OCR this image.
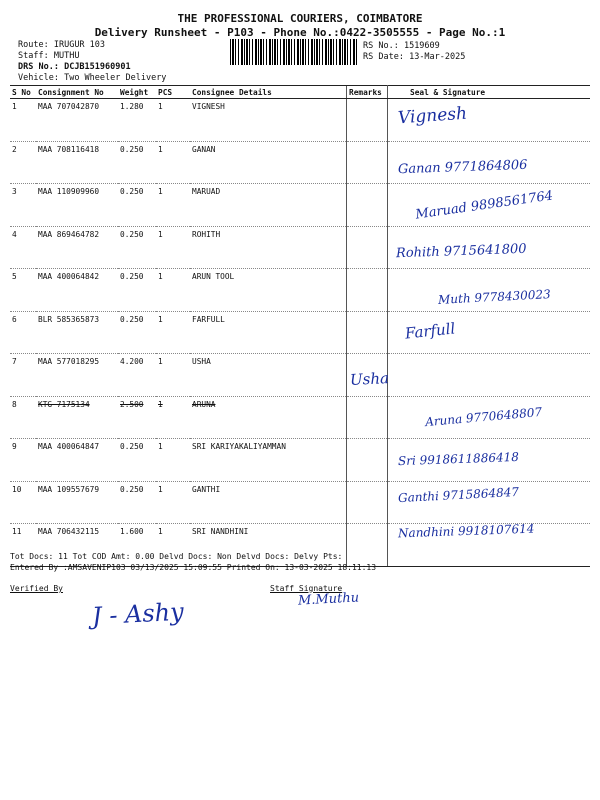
THE PROFESSIONAL COURIERS, COIMBATORE
Delivery Runsheet - P103 - Phone No.:0422-3505555 - Page No.:1
Route: IRUGUR 103
Staff: MUTHU
DRS No.: DCJB151960901
Vehicle: Two Wheeler Delivery
RS No.: 1519609
RS Date: 13-Mar-2025
S No	Consignment No	Weight	PCS	Consignee Details	Remarks	Seal & Signature
1	MAA 707042870	1.280	1	VIGNESH		
2	MAA 708116418	0.250	1	GANAN		
3	MAA 110909960	0.250	1	MARUAD		
4	MAA 869464782	0.250	1	ROHITH		
5	MAA 400064842	0.250	1	ARUN TOOL		
6	BLR 585365873	0.250	1	FARFULL		
7	MAA 577018295	4.200	1	USHA		
8	KTG 7175134	2.500	1	ARUNA		
9	MAA 400064847	0.250	1	SRI KARIYAKALIYAMMAN		
10	MAA 109557679	0.250	1	GANTHI		
11	MAA 706432115	1.600	1	SRI NANDHINI		
Vignesh
Ganan 9771864806
Maruad 9898561764
Rohith 9715641800
Muth 9778430023
Farfull
Usha
Aruna 9770648807
Sri 9918611886418
Ganthi 9715864847
Nandhini 9918107614
Tot Docs: 11 Tot COD Amt: 0.00 Delvd Docs: Non Delvd Docs: Delvy Pts:
Entered By :AMSAVENIP103 03/13/2025 15:09:55 Printed On: 13-03-2025 18:11:13
Verified By	Staff Signature
J - Ashy	M.Muthu
